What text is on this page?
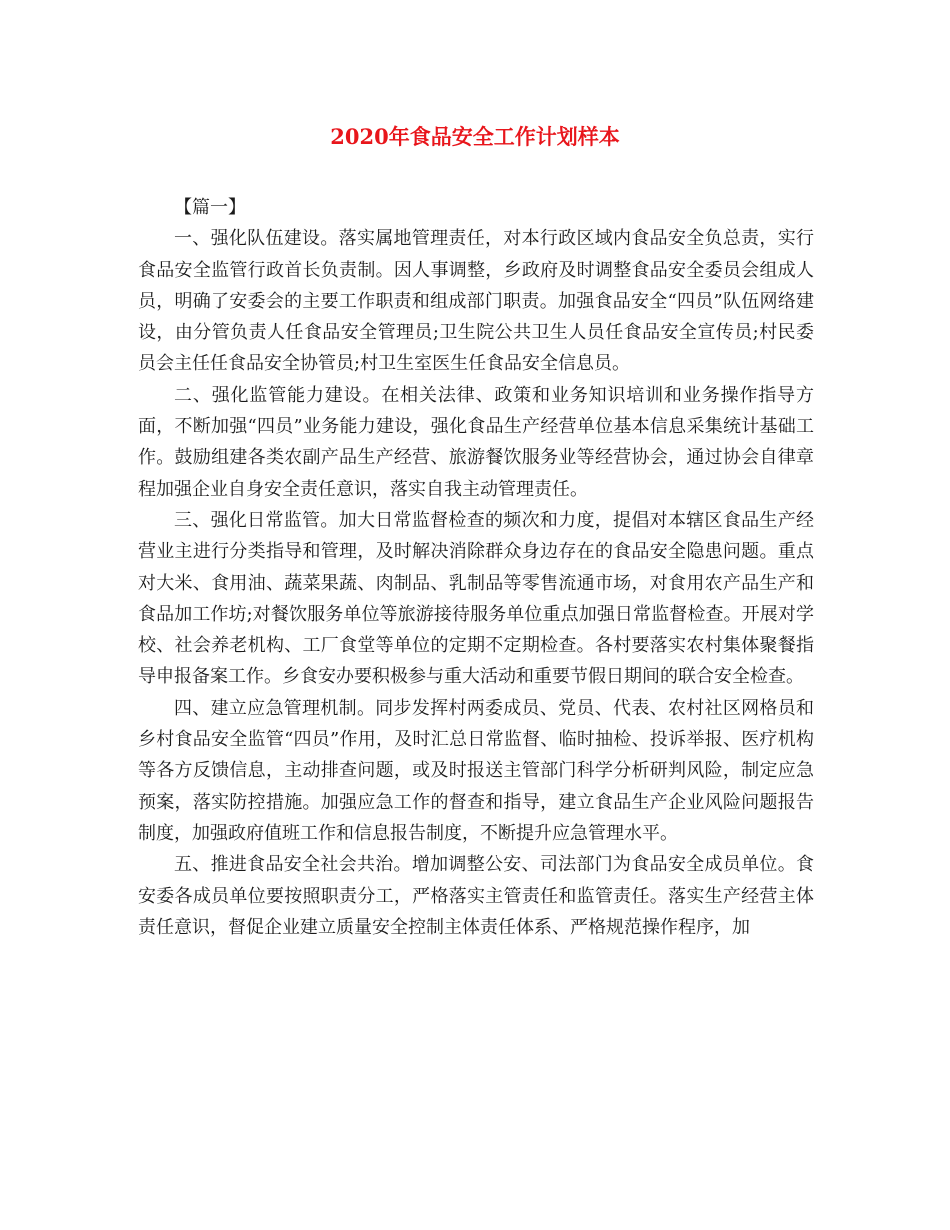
2020年食品安全工作计划样本

【篇一】

一、强化队伍建设。落实属地管理责任，对本行政区域内食品安全负总责，实行食品安全监管行政首长负责制。因人事调整，乡政府及时调整食品安全委员会组成人员，明确了安委会的主要工作职责和组成部门职责。加强食品安全“四员”队伍网络建设，由分管负责人任食品安全管理员;卫生院公共卫生人员任食品安全宣传员;村民委员会主任任食品安全协管员;村卫生室医生任食品安全信息员。

二、强化监管能力建设。在相关法律、政策和业务知识培训和业务操作指导方面，不断加强“四员”业务能力建设，强化食品生产经营单位基本信息采集统计基础工作。鼓励组建各类农副产品生产经营、旅游餐饮服务业等经营协会，通过协会自律章程加强企业自身安全责任意识，落实自我主动管理责任。

三、强化日常监管。加大日常监督检查的频次和力度，提倡对本辖区食品生产经营业主进行分类指导和管理，及时解决消除群众身边存在的食品安全隐患问题。重点对大米、食用油、蔬菜果蔬、肉制品、乳制品等零售流通市场，对食用农产品生产和食品加工作坊;对餐饮服务单位等旅游接待服务单位重点加强日常监督检查。开展对学校、社会养老机构、工厂食堂等单位的定期不定期检查。各村要落实农村集体聚餐指导申报备案工作。乡食安办要积极参与重大活动和重要节假日期间的联合安全检查。

四、建立应急管理机制。同步发挥村两委成员、党员、代表、农村社区网格员和乡村食品安全监管“四员”作用，及时汇总日常监督、临时抽检、投诉举报、医疗机构等各方反馈信息，主动排查问题，或及时报送主管部门科学分析研判风险，制定应急预案，落实防控措施。加强应急工作的督查和指导，建立食品生产企业风险问题报告制度，加强政府值班工作和信息报告制度，不断提升应急管理水平。

五、推进食品安全社会共治。增加调整公安、司法部门为食品安全成员单位。食安委各成员单位要按照职责分工，严格落实主管责任和监管责任。落实生产经营主体责任意识，督促企业建立质量安全控制主体责任体系、严格规范操作程序，加
